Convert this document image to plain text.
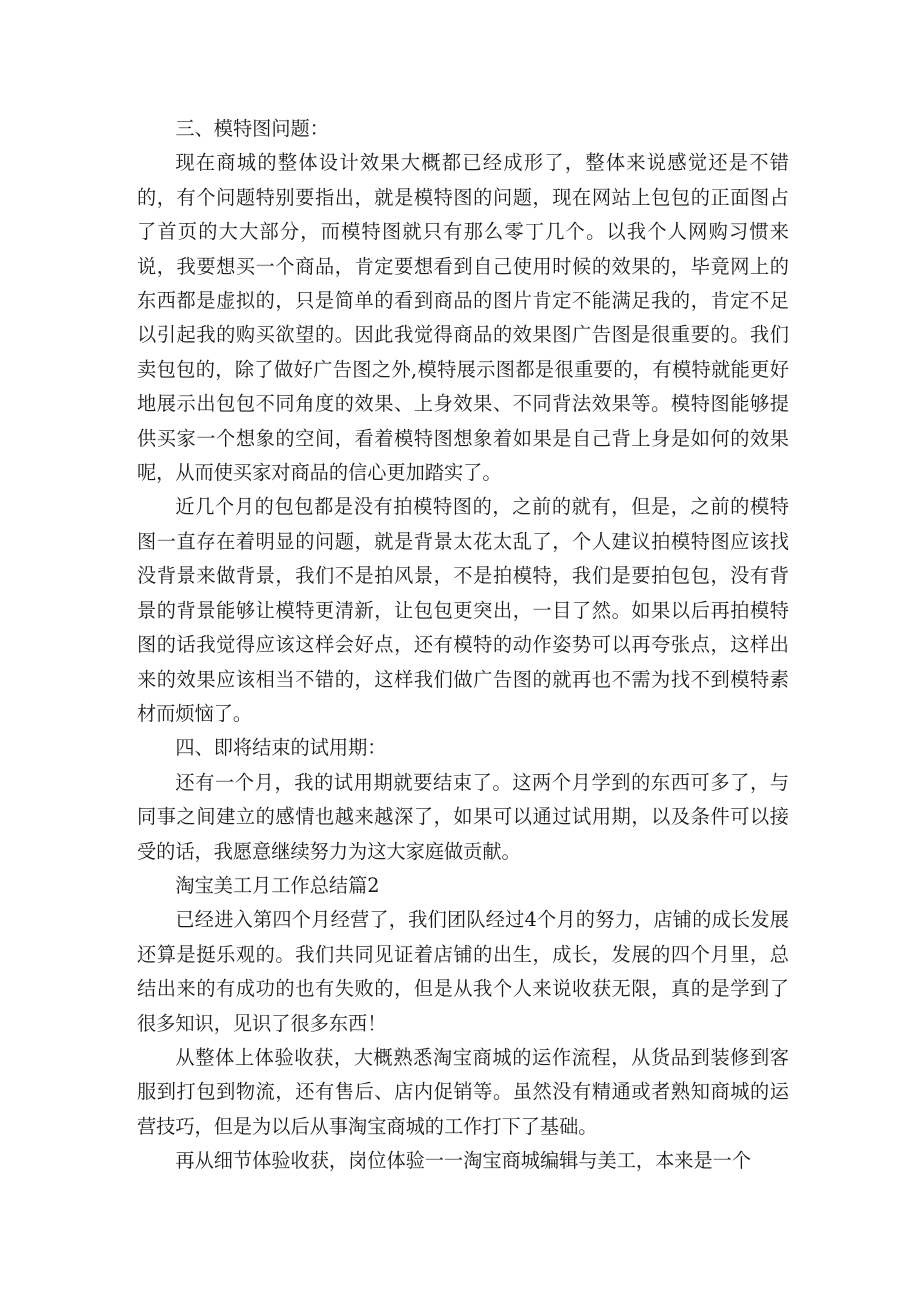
三、模特图问题：

现在商城的整体设计效果大概都已经成形了，整体来说感觉还是不错的，有个问题特别要指出，就是模特图的问题，现在网站上包包的正面图占了首页的大大部分，而模特图就只有那么零丁几个。以我个人网购习惯来说，我要想买一个商品，肯定要想看到自己使用时候的效果的，毕竟网上的东西都是虚拟的，只是简单的看到商品的图片肯定不能满足我的，肯定不足以引起我的购买欲望的。因此我觉得商品的效果图广告图是很重要的。我们卖包包的，除了做好广告图之外,模特展示图都是很重要的，有模特就能更好地展示出包包不同角度的效果、上身效果、不同背法效果等。模特图能够提供买家一个想象的空间，看着模特图想象着如果是自己背上身是如何的效果呢，从而使买家对商品的信心更加踏实了。

近几个月的包包都是没有拍模特图的，之前的就有，但是，之前的模特图一直存在着明显的问题，就是背景太花太乱了，个人建议拍模特图应该找没背景来做背景，我们不是拍风景，不是拍模特，我们是要拍包包，没有背景的背景能够让模特更清新，让包包更突出，一目了然。如果以后再拍模特图的话我觉得应该这样会好点，还有模特的动作姿势可以再夸张点，这样出来的效果应该相当不错的，这样我们做广告图的就再也不需为找不到模特素材而烦恼了。

四、即将结束的试用期：

还有一个月，我的试用期就要结束了。这两个月学到的东西可多了，与同事之间建立的感情也越来越深了，如果可以通过试用期，以及条件可以接受的话，我愿意继续努力为这大家庭做贡献。

淘宝美工月工作总结篇2

已经进入第四个月经营了，我们团队经过4个月的努力，店铺的成长发展还算是挺乐观的。我们共同见证着店铺的出生，成长，发展的四个月里，总结出来的有成功的也有失败的，但是从我个人来说收获无限，真的是学到了很多知识，见识了很多东西！

从整体上体验收获，大概熟悉淘宝商城的运作流程，从货品到装修到客服到打包到物流，还有售后、店内促销等。虽然没有精通或者熟知商城的运营技巧，但是为以后从事淘宝商城的工作打下了基础。

再从细节体验收获，岗位体验一一淘宝商城编辑与美工，本来是一个
